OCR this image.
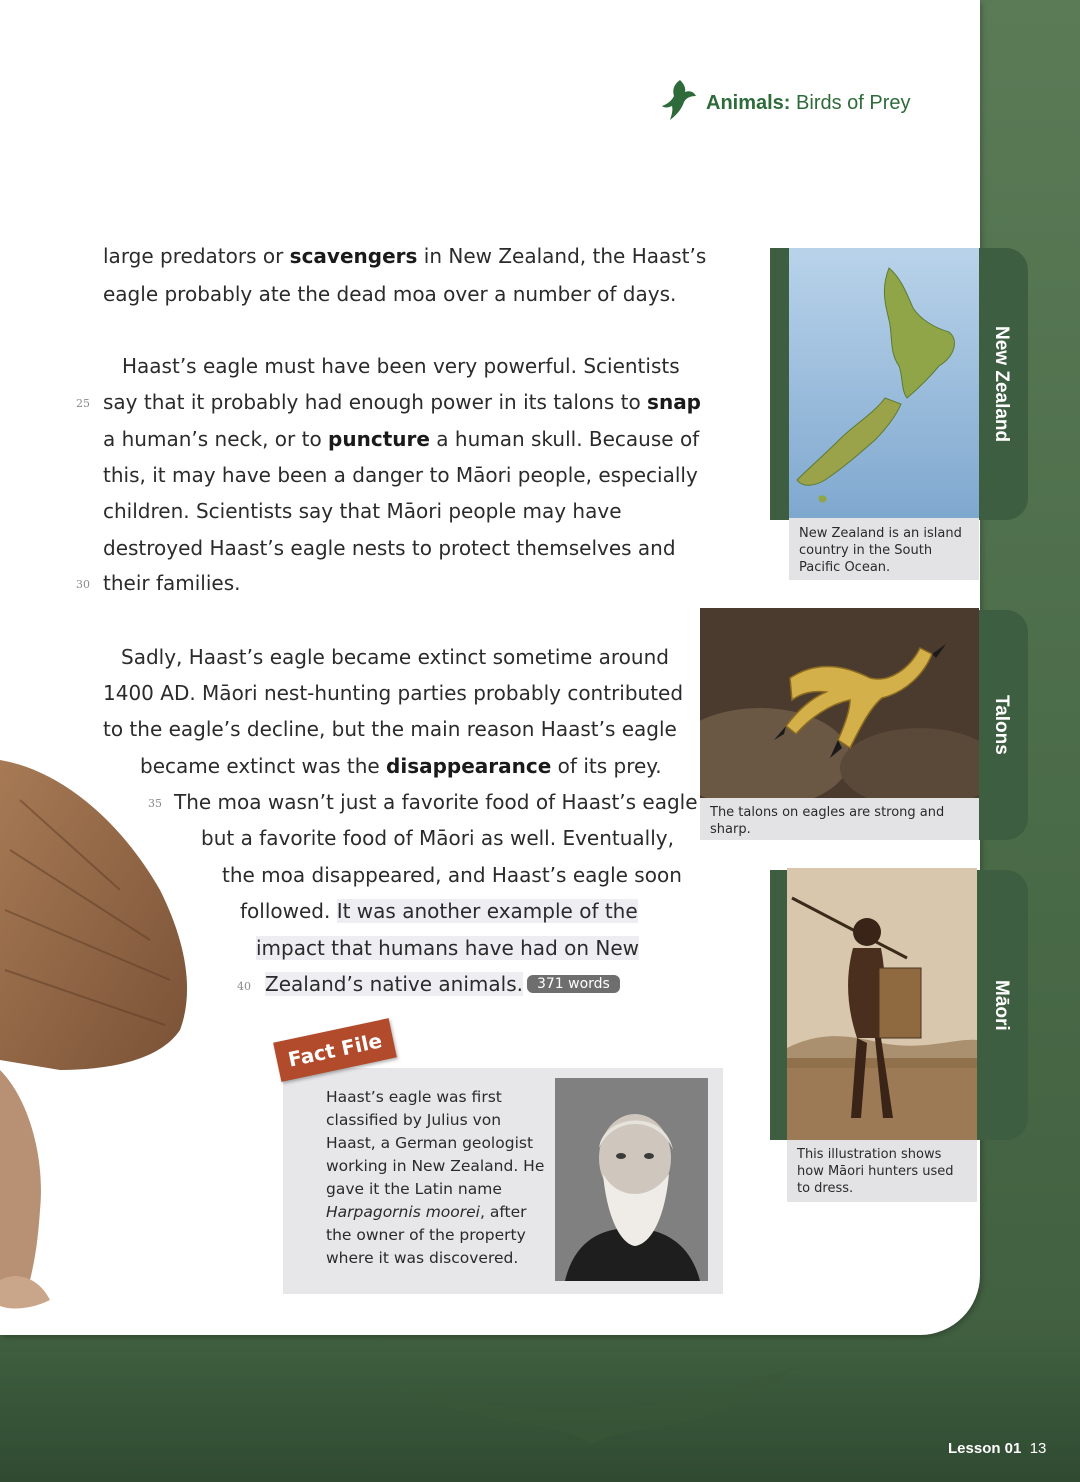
Animals: Birds of Prey
large predators or scavengers in New Zealand, the Haast’s
eagle probably ate the dead moa over a number of days.
Haast’s eagle must have been very powerful. Scientists
25 say that it probably had enough power in its talons to snap
a human’s neck, or to puncture a human skull. Because of
this, it may have been a danger to Māori people, especially
children. Scientists say that Māori people may have
destroyed Haast’s eagle nests to protect themselves and
30 their families.
Sadly, Haast’s eagle became extinct sometime around
1400 AD. Māori nest-hunting parties probably contributed
to the eagle’s decline, but the main reason Haast’s eagle
became extinct was the disappearance of its prey.
35 The moa wasn’t just a favorite food of Haast’s eagle
but a favorite food of Māori as well. Eventually,
the moa disappeared, and Haast’s eagle soon
followed. It was another example of the
impact that humans have had on New
40 Zealand’s native animals. 371 words
New Zealand
New Zealand is an island
country in the South
Pacific Ocean.
Talons
The talons on eagles are strong and
sharp.
Māori
This illustration shows
how Māori hunters used
to dress.
Fact File

Haast’s eagle was first classified by Julius von Haast, a German geologist working in New Zealand. He gave it the Latin name Harpagornis moorei, after the owner of the property where it was discovered.

Lesson 01 13
